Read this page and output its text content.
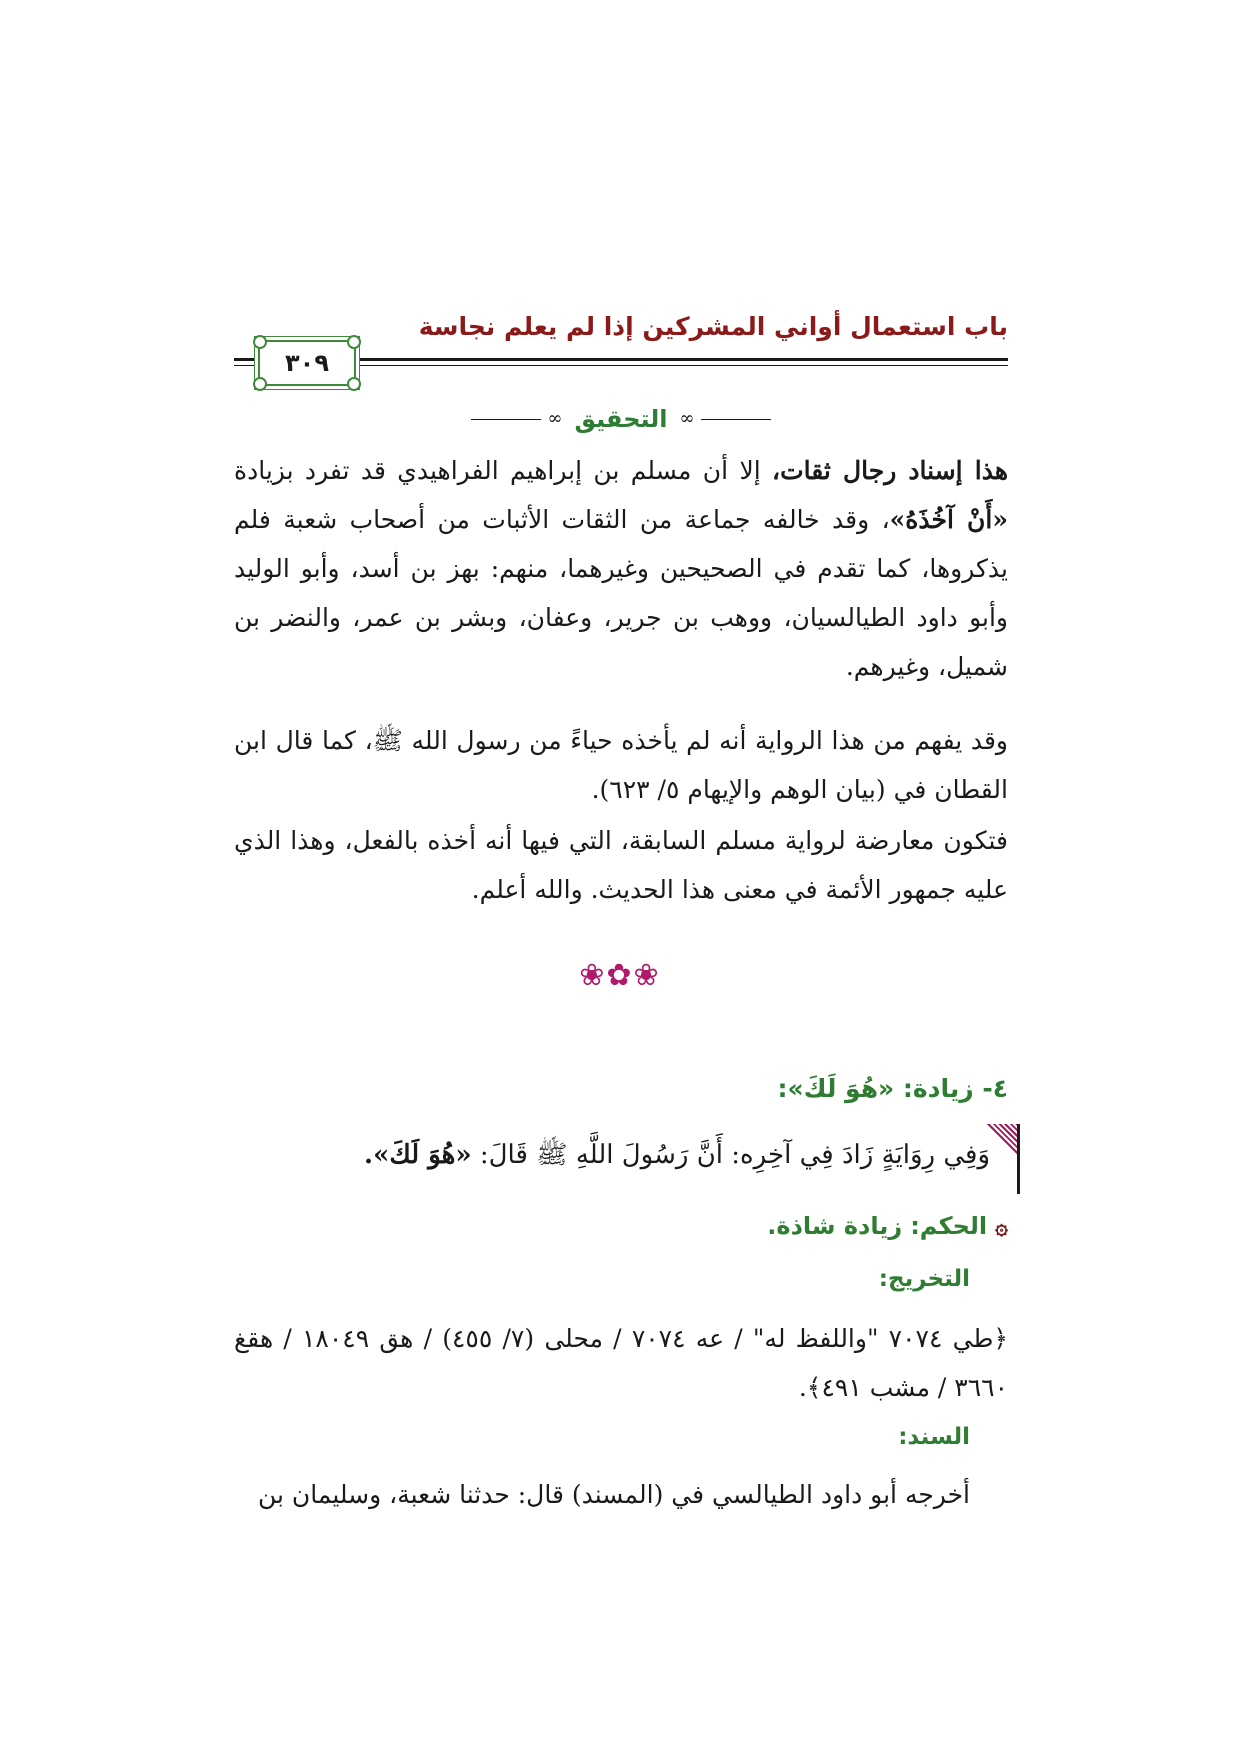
باب استعمال أواني المشركين إذا لم يعلم نجاسة
٣٠٩
∞
التحقيق
∞

هذا إسناد رجال ثقات، إلا أن مسلم بن إبراهيم الفراهيدي قد تفرد بزيادة «أَنْ آخُذَهُ»، وقد خالفه جماعة من الثقات الأثبات من أصحاب شعبة فلم يذكروها، كما تقدم في الصحيحين وغيرهما، منهم: بهز بن أسد، وأبو الوليد وأبو داود الطيالسيان، ووهب بن جرير، وعفان، وبشر بن عمر، والنضر بن شميل، وغيرهم.

وقد يفهم من هذا الرواية أنه لم يأخذه حياءً من رسول الله ﷺ، كما قال ابن القطان في (بيان الوهم والإيهام ٥/ ٦٢٣).

فتكون معارضة لرواية مسلم السابقة، التي فيها أنه أخذه بالفعل، وهذا الذي عليه جمهور الأئمة في معنى هذا الحديث. والله أعلم.

❀✿❀

٤- زيادة: «هُوَ لَكَ»:

وَفِي رِوَايَةٍ زَادَ فِي آخِرِه: أَنَّ رَسُولَ اللَّهِ ﷺ قَالَ: «هُوَ لَكَ».

۞الحكم:زيادة شاذة.

التخريج:

﴿طي ٧٠٧٤ "واللفظ له" / عه ٧٠٧٤ / محلى (٧/ ٤٥٥) / هق ١٨٠٤٩ / هقغ ٣٦٦٠ / مشب ٤٩١﴾.

السند:

أخرجه أبو داود الطيالسي في (المسند) قال: حدثنا شعبة، وسليمان بن
